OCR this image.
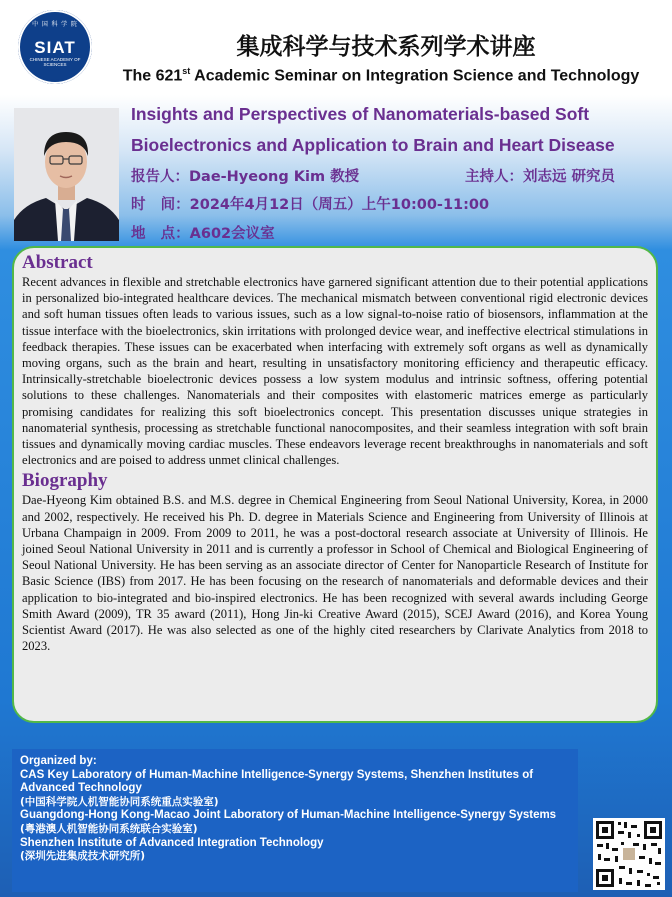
中 国 科 学 院
SIAT
CHINESE ACADEMY OF SCIENCES
集成科学与技术系列学术讲座
The 621st Academic Seminar on Integration Science and Technology
Insights and Perspectives of Nanomaterials-based Soft
Bioelectronics and Application to Brain and Heart Disease
报告人：Dae-Hyeong Kim 教授	主持人：刘志远 研究员
时   间：2024年4月12日（周五）上午10:00-11:00
地   点：A602会议室
Abstract
Recent advances in flexible and stretchable electronics have garnered significant attention due to their potential applications in personalized bio-integrated healthcare devices. The mechanical mismatch between conventional rigid electronic devices and soft human tissues often leads to various issues, such as a low signal-to-noise ratio of biosensors, inflammation at the tissue interface with the bioelectronics, skin irritations with prolonged device wear, and ineffective electrical stimulations in feedback therapies. These issues can be exacerbated when interfacing with extremely soft organs as well as dynamically moving organs, such as the brain and heart, resulting in unsatisfactory monitoring efficiency and therapeutic efficacy. Intrinsically-stretchable bioelectronic devices possess a low system modulus and intrinsic softness, offering potential solutions to these challenges. Nanomaterials and their composites with elastomeric matrices emerge as particularly promising candidates for realizing this soft bioelectronics concept. This presentation discusses unique strategies in nanomaterial synthesis, processing as stretchable functional nanocomposites, and their seamless integration with soft brain tissues and dynamically moving cardiac muscles. These endeavors leverage recent breakthroughs in nanomaterials and soft electronics and are poised to address unmet clinical challenges.
Biography
Dae-Hyeong Kim obtained B.S. and M.S. degree in Chemical Engineering from Seoul National University, Korea, in 2000 and 2002, respectively. He received his Ph. D. degree in Materials Science and Engineering from University of Illinois at Urbana Champaign in 2009. From 2009 to 2011, he was a post-doctoral research associate at University of Illinois. He joined Seoul National University in 2011 and is currently a professor in School of Chemical and Biological Engineering of Seoul National University. He has been serving as an associate director of Center for Nanoparticle Research of Institute for Basic Science (IBS) from 2017. He has been focusing on the research of nanomaterials and deformable devices and their application to bio-integrated and bio-inspired electronics. He has been recognized with several awards including George Smith Award (2009), TR 35 award (2011), Hong Jin-ki Creative Award (2015), SCEJ Award (2016), and Korea Young Scientist Award (2017). He was also selected as one of the highly cited researchers by Clarivate Analytics from 2018 to 2023.
Organized by:
CAS Key Laboratory of Human-Machine Intelligence-Synergy Systems, Shenzhen Institutes of Advanced Technology
(中国科学院人机智能协同系统重点实验室)
Guangdong-Hong Kong-Macao Joint Laboratory of Human-Machine Intelligence-Synergy Systems
(粤港澳人机智能协同系统联合实验室)
Shenzhen Institute of Advanced Integration Technology
(深圳先进集成技术研究所)
